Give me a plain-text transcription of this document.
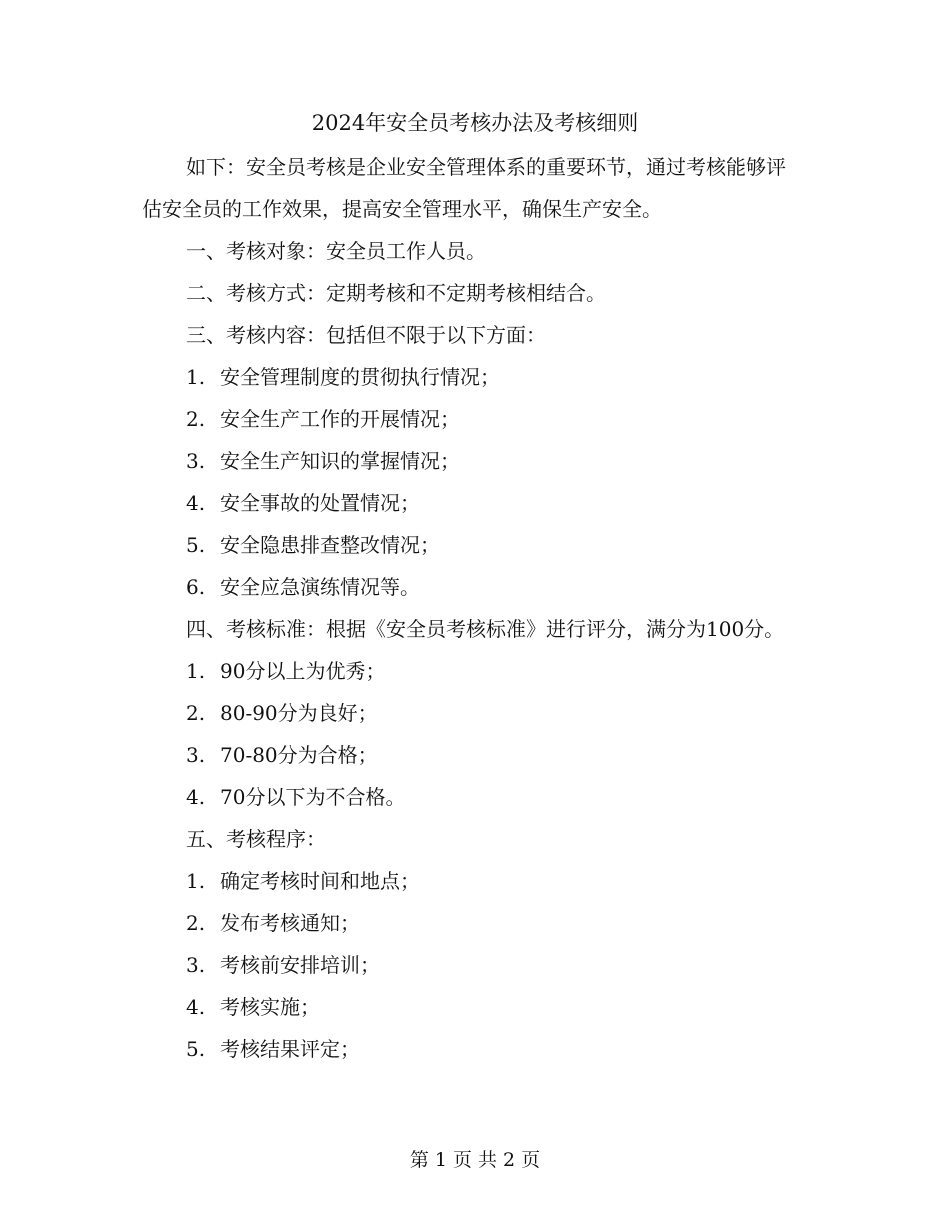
2024年安全员考核办法及考核细则

如下：安全员考核是企业安全管理体系的重要环节，通过考核能够评估安全员的工作效果，提高安全管理水平，确保生产安全。

一、考核对象：安全员工作人员。

二、考核方式：定期考核和不定期考核相结合。

三、考核内容：包括但不限于以下方面：

1. 安全管理制度的贯彻执行情况；

2. 安全生产工作的开展情况；

3. 安全生产知识的掌握情况；

4. 安全事故的处置情况；

5. 安全隐患排查整改情况；

6. 安全应急演练情况等。

四、考核标准：根据《安全员考核标准》进行评分，满分为100分。

1. 90分以上为优秀；

2. 80-90分为良好；

3. 70-80分为合格；

4. 70分以下为不合格。

五、考核程序：

1. 确定考核时间和地点；

2. 发布考核通知；

3. 考核前安排培训；

4. 考核实施；

5. 考核结果评定；

第 1 页 共 2 页
